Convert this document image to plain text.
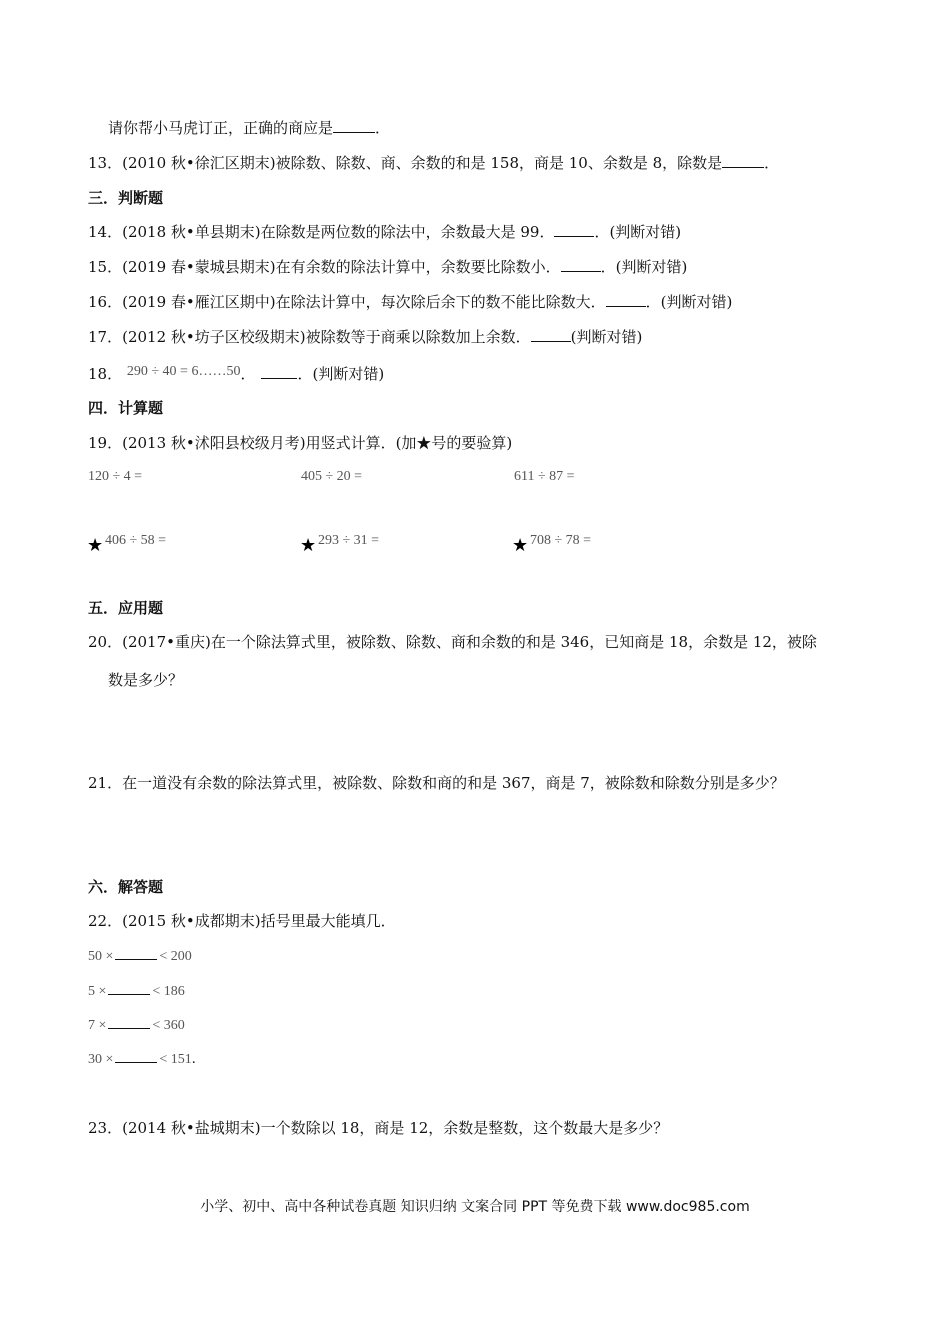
请你帮小马虎订正，正确的商应是	．
13．(2010 秋•徐汇区期末)被除数、除数、商、余数的和是 158，商是 10、余数是 8，除数是	．
三．判断题
14．(2018 秋•单县期末)在除数是两位数的除法中，余数最大是 99．	．(判断对错)
15．(2019 春•蒙城县期末)在有余数的除法计算中，余数要比除数小．	．(判断对错)
16．(2019 春•雁江区期中)在除法计算中，每次除后余下的数不能比除数大．	．(判断对错)
17．(2012 秋•坊子区校级期末)被除数等于商乘以除数加上余数．	(判断对错)
18． 290 ÷ 40 = 6……50．	．(判断对错)
四．计算题
19．(2013 秋•沭阳县校级月考)用竖式计算．(加★号的要验算)
120 ÷ 4 =	405 ÷ 20 =	611 ÷ 87 =
★ 406 ÷ 58 =	★ 293 ÷ 31 =	★ 708 ÷ 78 =
五．应用题
20．(2017•重庆)在一个除法算式里，被除数、除数、商和余数的和是 346，已知商是 18，余数是 12，被除
数是多少？
21．在一道没有余数的除法算式里，被除数、除数和商的和是 367，商是 7，被除数和除数分别是多少？
六．解答题
22．(2015 秋•成都期末)括号里最大能填几．
50 ×	< 200
5 ×	< 186
7 ×	< 360
30 ×	< 151.
23．(2014 秋•盐城期末)一个数除以 18，商是 12，余数是整数，这个数最大是多少？
小学、初中、高中各种试卷真题 知识归纳 文案合同 PPT 等免费下载 www.doc985.com
